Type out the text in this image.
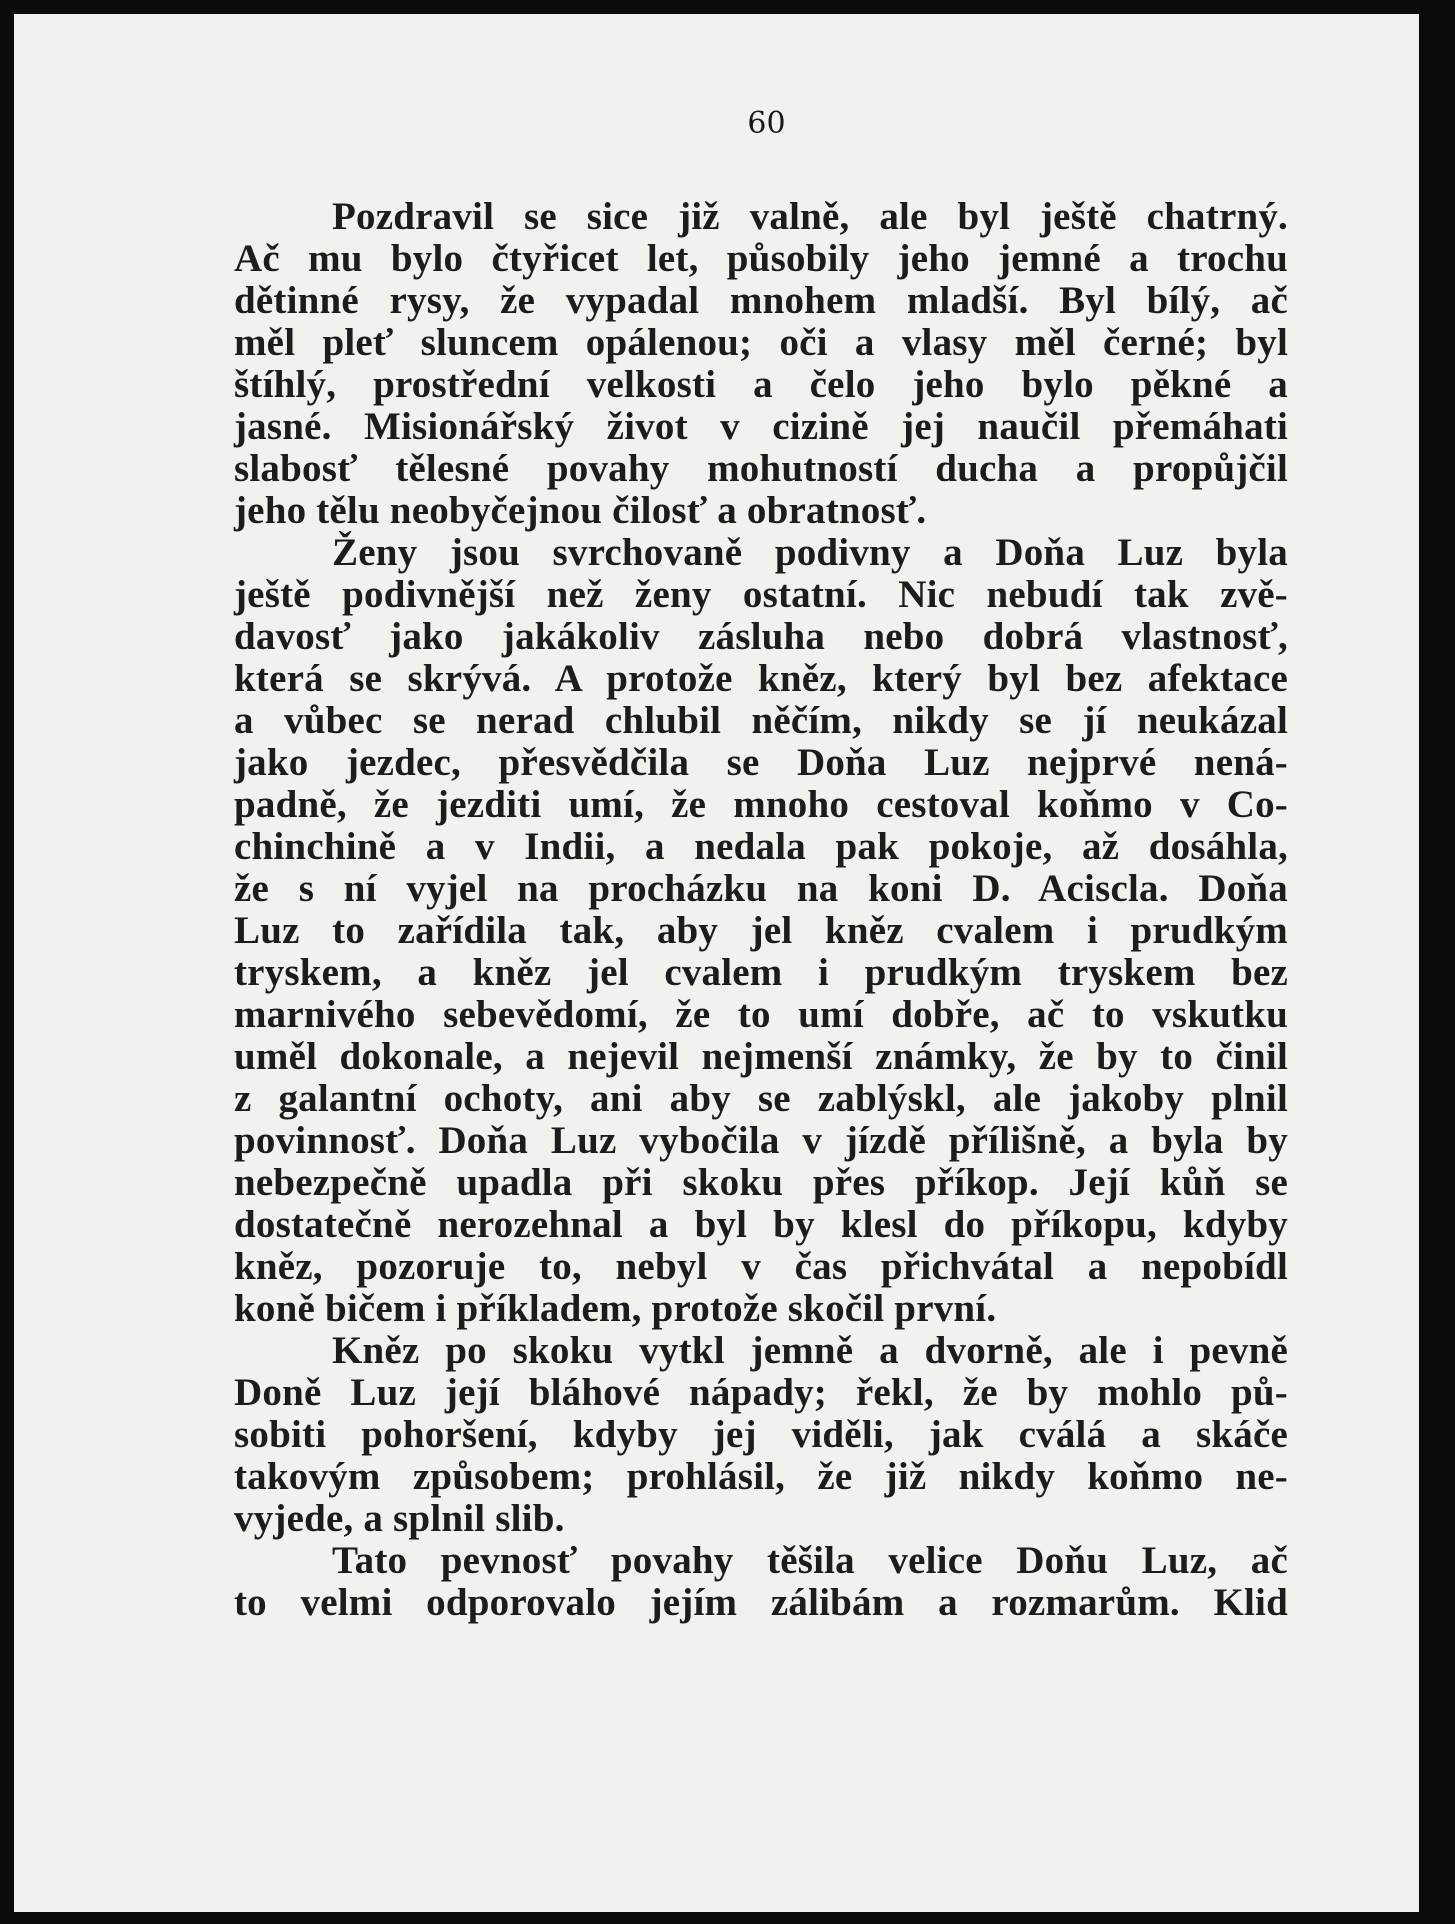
60
Pozdravil se sice již valně, ale byl ještě chatrný.
Ač mu bylo čtyřicet let, působily jeho jemné a trochu
dětinné rysy, že vypadal mnohem mladší. Byl bílý, ač
měl pleť sluncem opálenou; oči a vlasy měl černé; byl
štíhlý, prostřední velkosti a čelo jeho bylo pěkné a
jasné. Misionářský život v cizině jej naučil přemáhati
slabosť tělesné povahy mohutností ducha a propůjčil
jeho tělu neobyčejnou čilosť a obratnosť.
Ženy jsou svrchovaně podivny a Doňa Luz byla
ještě podivnější než ženy ostatní. Nic nebudí tak zvě-
davosť jako jakákoliv zásluha nebo dobrá vlastnosť,
která se skrývá. A protože kněz, který byl bez afektace
a vůbec se nerad chlubil něčím, nikdy se jí neukázal
jako jezdec, přesvědčila se Doňa Luz nejprvé nená-
padně, že jezditi umí, že mnoho cestoval koňmo v Co-
chinchině a v Indii, a nedala pak pokoje, až dosáhla,
že s ní vyjel na procházku na koni D. Aciscla. Doňa
Luz to zařídila tak, aby jel kněz cvalem i prudkým
tryskem, a kněz jel cvalem i prudkým tryskem bez
marnivého sebevědomí, že to umí dobře, ač to vskutku
uměl dokonale, a nejevil nejmenší známky, že by to činil
z galantní ochoty, ani aby se zablýskl, ale jakoby plnil
povinnosť. Doňa Luz vybočila v jízdě přílišně, a byla by
nebezpečně upadla při skoku přes příkop. Její kůň se
dostatečně nerozehnal a byl by klesl do příkopu, kdyby
kněz, pozoruje to, nebyl v čas přichvátal a nepobídl
koně bičem i příkladem, protože skočil první.
Kněz po skoku vytkl jemně a dvorně, ale i pevně
Doně Luz její bláhové nápady; řekl, že by mohlo pů-
sobiti pohoršení, kdyby jej viděli, jak cválá a skáče
takovým způsobem; prohlásil, že již nikdy koňmo ne-
vyjede, a splnil slib.
Tato pevnosť povahy těšila velice Doňu Luz, ač
to velmi odporovalo jejím zálibám a rozmarům. Klid
